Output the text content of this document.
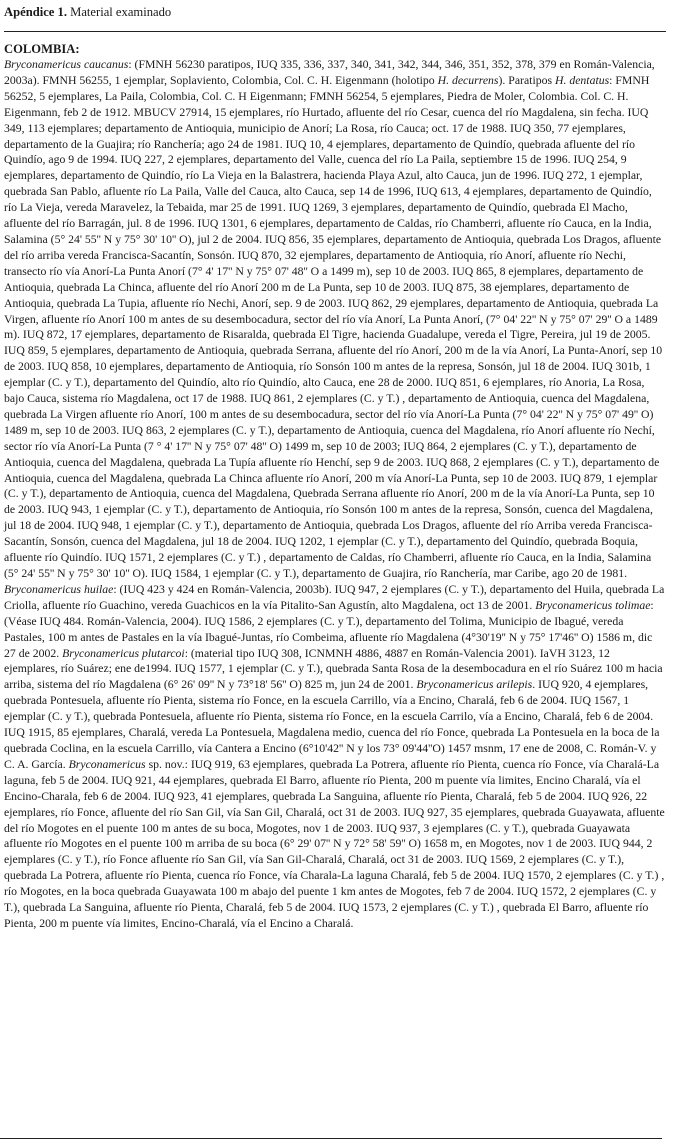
Apéndice 1. Material examinado
COLOMBIA:
Bryconamericus caucanus: (FMNH 56230 paratipos, IUQ 335, 336, 337, 340, 341, 342, 344, 346, 351, 352, 378, 379 en Román-Valencia, 2003a). FMNH 56255, 1 ejemplar, Soplaviento, Colombia, Col. C. H. Eigenmann (holotipo H. decurrens). Paratipos H. dentatus: FMNH 56252, 5 ejemplares, La Paila, Colombia, Col. C. H Eigenmann; FMNH 56254, 5 ejemplares, Piedra de Moler, Colombia. Col. C. H. Eigenmann, feb 2 de 1912. MBUCV 27914, 15 ejemplares, río Hurtado, afluente del río Cesar, cuenca del río Magdalena, sin fecha. IUQ 349, 113 ejemplares; departamento de Antioquia, municipio de Anorí; La Rosa, río Cauca; oct. 17 de 1988. IUQ 350, 77 ejemplares, departamento de la Guajira; río Ranchería; ago 24 de 1981. IUQ 10, 4 ejemplares, departamento de Quindío, quebrada afluente del río Quindío, ago 9 de 1994. IUQ 227, 2 ejemplares, departamento del Valle, cuenca del río La Paila, septiembre 15 de 1996. IUQ 254, 9 ejemplares, departamento de Quindío, río La Vieja en la Balastrera, hacienda Playa Azul, alto Cauca, jun de 1996. IUQ 272, 1 ejemplar, quebrada San Pablo, afluente río La Paila, Valle del Cauca, alto Cauca, sep 14 de 1996, IUQ 613, 4 ejemplares, departamento de Quindío, río La Vieja, vereda Maravelez, la Tebaida, mar 25 de 1991. IUQ 1269, 3 ejemplares, departamento de Quindío, quebrada El Macho, afluente del río Barragán, jul. 8 de 1996. IUQ 1301, 6 ejemplares, departamento de Caldas, río Chamberri, afluente río Cauca, en la India, Salamina (5° 24' 55'' N y 75° 30' 10'' O), jul 2 de 2004. IUQ 856, 35 ejemplares, departamento de Antioquia, quebrada Los Dragos, afluente del río arriba vereda Francisca-Sacantín, Sonsón. IUQ 870, 32 ejemplares, departamento de Antioquia, río Anorí, afluente río Nechi, transecto río vía Anorí-La Punta Anorí (7° 4' 17'' N y 75° 07' 48'' O a 1499 m), sep 10 de 2003. IUQ 865, 8 ejemplares, departamento de Antioquia, quebrada La Chinca, afluente del río Anorí 200 m de La Punta, sep 10 de 2003. IUQ 875, 38 ejemplares, departamento de Antioquia, quebrada La Tupia, afluente río Nechi, Anorí, sep. 9 de 2003. IUQ 862, 29 ejemplares, departamento de Antioquia, quebrada La Virgen, afluente río Anorí 100 m antes de su desembocadura, sector del río vía Anorí, La Punta Anorí, (7° 04' 22'' N y 75° 07' 29'' O a 1489 m). IUQ 872, 17 ejemplares, departamento de Risaralda, quebrada El Tigre, hacienda Guadalupe, vereda el Tigre, Pereira, jul 19 de 2005. IUQ 859, 5 ejemplares, departamento de Antioquia, quebrada Serrana, afluente del río Anorí, 200 m de la vía Anorí, La Punta-Anorí, sep 10 de 2003. IUQ 858, 10 ejemplares, departamento de Antioquia, río Sonsón 100 m antes de la represa, Sonsón, jul 18 de 2004. IUQ 301b, 1 ejemplar (C. y T.), departamento del Quindío, alto río Quindío, alto Cauca, ene 28 de 2000. IUQ 851, 6 ejemplares, río Anoria, La Rosa, bajo Cauca, sistema río Magdalena, oct 17 de 1988. IUQ 861, 2 ejemplares (C. y T.) , departamento de Antioquia, cuenca del Magdalena, quebrada La Virgen afluente río Anorí, 100 m antes de su desembocadura, sector del río vía Anorí-La Punta (7° 04' 22'' N y 75° 07' 49'' O) 1489 m, sep 10 de 2003. IUQ 863, 2 ejemplares (C. y T.), departamento de Antioquia, cuenca del Magdalena, río Anorí afluente río Nechí, sector río vía Anorí-La Punta (7 ° 4' 17'' N y 75° 07' 48'' O) 1499 m, sep 10 de 2003; IUQ 864, 2 ejemplares (C. y T.), departamento de Antioquia, cuenca del Magdalena, quebrada La Tupía afluente río Henchí, sep 9 de 2003. IUQ 868, 2 ejemplares (C. y T.), departamento de Antioquia, cuenca del Magdalena, quebrada La Chinca afluente río Anorí, 200 m vía Anorí-La Punta, sep 10 de 2003. IUQ 879, 1 ejemplar (C. y T.), departamento de Antioquia, cuenca del Magdalena, Quebrada Serrana afluente río Anorí, 200 m de la vía Anorí-La Punta, sep 10 de 2003. IUQ 943, 1 ejemplar (C. y T.), departamento de Antioquia, río Sonsón 100 m antes de la represa, Sonsón, cuenca del Magdalena, jul 18 de 2004. IUQ 948, 1 ejemplar (C. y T.), departamento de Antioquia, quebrada Los Dragos, afluente del río Arriba vereda Francisca-Sacantín, Sonsón, cuenca del Magdalena, jul 18 de 2004. IUQ 1202, 1 ejemplar (C. y T.), departamento del Quindío, quebrada Boquia, afluente río Quindío. IUQ 1571, 2 ejemplares (C. y T.) , departamento de Caldas, río Chamberri, afluente río Cauca, en la India, Salamina (5° 24' 55'' N y 75° 30' 10'' O). IUQ 1584, 1 ejemplar (C. y T.), departamento de Guajira, río Ranchería, mar Caribe, ago 20 de 1981. Bryconamericus huilae: (IUQ 423 y 424 en Román-Valencia, 2003b). IUQ 947, 2 ejemplares (C. y T.), departamento del Huila, quebrada La Criolla, afluente río Guachino, vereda Guachicos en la vía Pitalito-San Agustín, alto Magdalena, oct 13 de 2001. Bryconamericus tolimae: (Véase IUQ 484. Román-Valencia, 2004). IUQ 1586, 2 ejemplares (C. y T.), departamento del Tolima, Municipio de Ibagué, vereda Pastales, 100 m antes de Pastales en la vía Ibagué-Juntas, río Combeima, afluente río Magdalena (4°30'19'' N y 75° 17'46'' O) 1586 m, dic 27 de 2002. Bryconamericus plutarcoi: (material tipo IUQ 308, ICNMNH 4886, 4887 en Román-Valencia 2001). IaVH 3123, 12 ejemplares, río Suárez; ene de1994. IUQ 1577, 1 ejemplar (C. y T.), quebrada Santa Rosa de la desembocadura en el río Suárez 100 m hacia arriba, sistema del río Magdalena (6° 26' 09'' N y 73°18' 56'' O) 825 m, jun 24 de 2001. Bryconamericus arilepis. IUQ 920, 4 ejemplares, quebrada Pontesuela, afluente río Pienta, sistema río Fonce, en la escuela Carrillo, vía a Encino, Charalá, feb 6 de 2004. IUQ 1567, 1 ejemplar (C. y T.), quebrada Pontesuela, afluente río Pienta, sistema río Fonce, en la escuela Carrilo, vía a Encino, Charalá, feb 6 de 2004. IUQ 1915, 85 ejemplares, Charalá, vereda La Pontesuela, Magdalena medio, cuenca del río Fonce, quebrada La Pontesuela en la boca de la quebrada Coclina, en la escuela Carrillo, vía Cantera a Encino (6°10'42'' N y los 73° 09'44''O) 1457 msnm, 17 ene de 2008, C. Román-V. y C. A. García. Bryconamericus sp. nov.: IUQ 919, 63 ejemplares, quebrada La Potrera, afluente río Pienta, cuenca río Fonce, vía Charalá-La laguna, feb 5 de 2004. IUQ 921, 44 ejemplares, quebrada El Barro, afluente río Pienta, 200 m puente vía limites, Encino Charalá, vía el Encino-Charala, feb 6 de 2004. IUQ 923, 41 ejemplares, quebrada La Sanguina, afluente río Pienta, Charalá, feb 5 de 2004. IUQ 926, 22 ejemplares, río Fonce, afluente del río San Gil, vía San Gil, Charalá, oct 31 de 2003. IUQ 927, 35 ejemplares, quebrada Guayawata, afluente del río Mogotes en el puente 100 m antes de su boca, Mogotes, nov 1 de 2003. IUQ 937, 3 ejemplares (C. y T.), quebrada Guayawata afluente río Mogotes en el puente 100 m arriba de su boca (6° 29' 07'' N y 72° 58' 59'' O) 1658 m, en Mogotes, nov 1 de 2003. IUQ 944, 2 ejemplares (C. y T.), río Fonce afluente río San Gil, vía San Gil-Charalá, Charalá, oct 31 de 2003. IUQ 1569, 2 ejemplares (C. y T.), quebrada La Potrera, afluente río Pienta, cuenca río Fonce, vía Charala-La laguna Charalá, feb 5 de 2004. IUQ 1570, 2 ejemplares (C. y T.) , río Mogotes, en la boca quebrada Guayawata 100 m abajo del puente 1 km antes de Mogotes, feb 7 de 2004. IUQ 1572, 2 ejemplares (C. y T.), quebrada La Sanguina, afluente río Pienta, Charalá, feb 5 de 2004. IUQ 1573, 2 ejemplares (C. y T.) , quebrada El Barro, afluente río Pienta, 200 m puente vía limites, Encino-Charalá, vía el Encino a Charalá.
